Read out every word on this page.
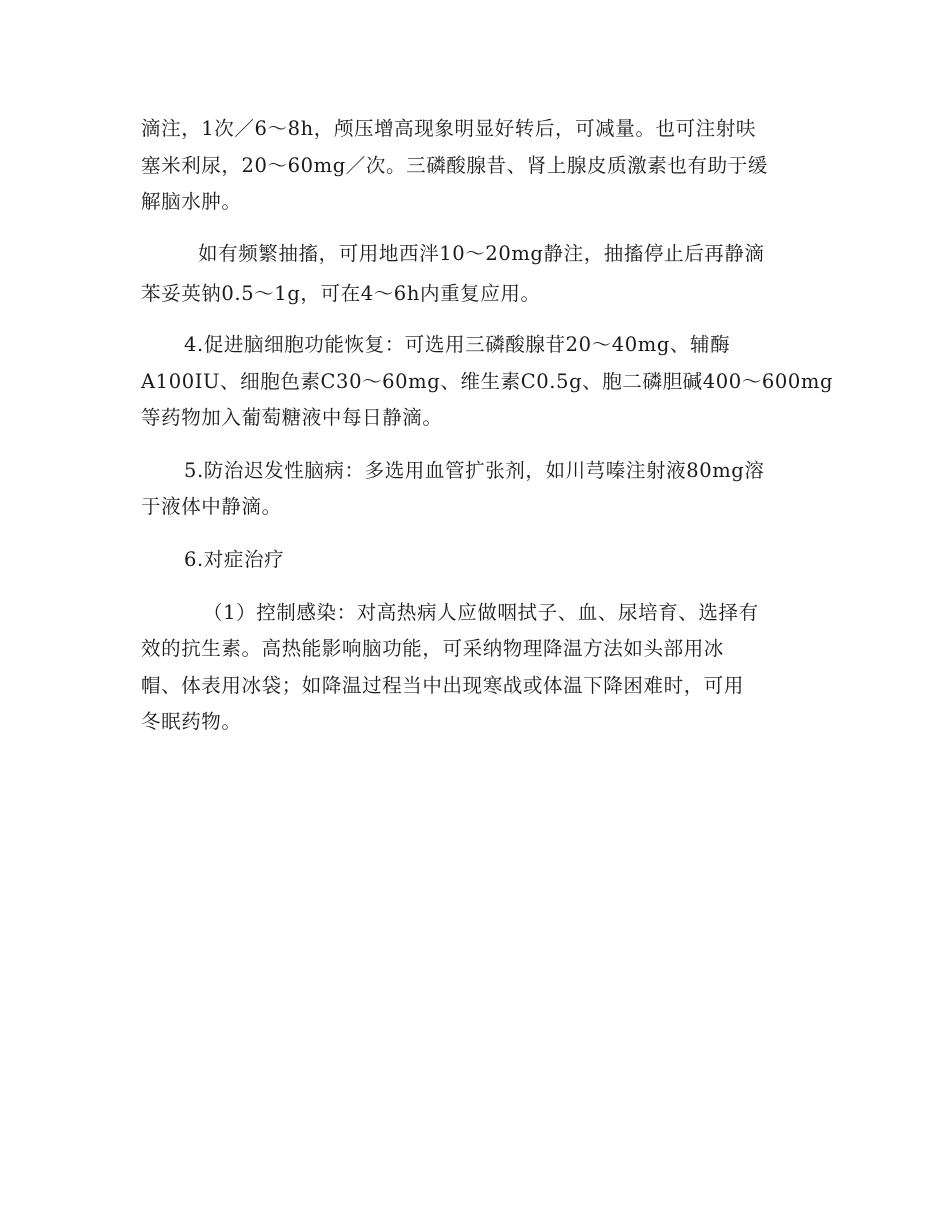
滴注，1次／6～8h，颅压增高现象明显好转后，可减量。也可注射呋
塞米利尿，20～60mg／次。三磷酸腺昔、肾上腺皮质激素也有助于缓
解脑水肿。
如有频繁抽搐，可用地西泮10～20mg静注，抽搐停止后再静滴
苯妥英钠0.5～1g，可在4～6h内重复应用。
4.促进脑细胞功能恢复：可选用三磷酸腺苷20～40mg、辅酶
A100IU、细胞色素C30～60mg、维生素C0.5g、胞二磷胆碱400～600mg
等药物加入葡萄糖液中每日静滴。
5.防治迟发性脑病：多选用血管扩张剂，如川芎嗪注射液80mg溶
于液体中静滴。
6.对症治疗
（1）控制感染：对高热病人应做咽拭子、血、尿培育、选择有
效的抗生素。高热能影响脑功能，可采纳物理降温方法如头部用冰
帽、体表用冰袋；如降温过程当中出现寒战或体温下降困难时，可用
冬眠药物。
